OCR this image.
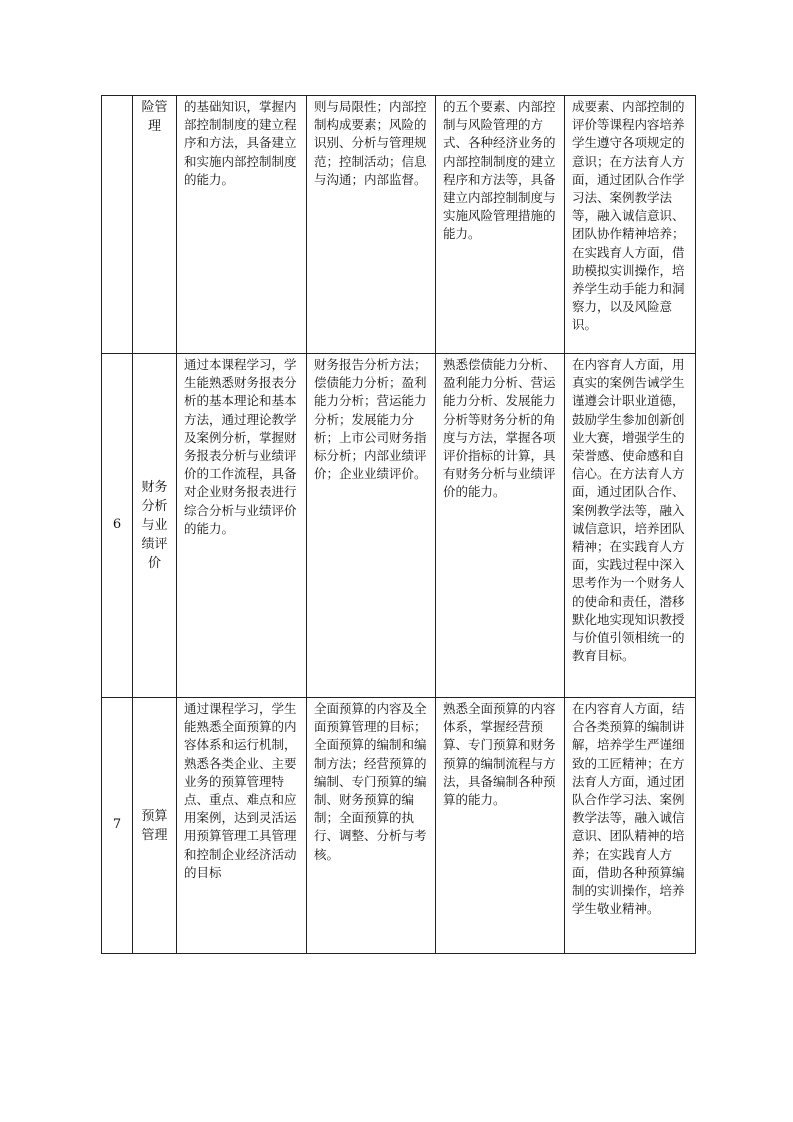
	险管理	的基础知识，掌握内部控制制度的建立程序和方法，具备建立和实施内部控制制度的能力。	则与局限性；内部控制构成要素；风险的识别、分析与管理规范；控制活动；信息与沟通；内部监督。	的五个要素、内部控制与风险管理的方式、各种经济业务的内部控制制度的建立程序和方法等，具备建立内部控制制度与实施风险管理措施的能力。	成要素、内部控制的评价等课程内容培养学生遵守各项规定的意识；在方法育人方面，通过团队合作学习法、案例教学法等，融入诚信意识、团队协作精神培养；在实践育人方面，借助模拟实训操作，培养学生动手能力和洞察力，以及风险意识。
6	财务分析与业绩评价	通过本课程学习，学生能熟悉财务报表分析的基本理论和基本方法，通过理论教学及案例分析，掌握财务报表分析与业绩评价的工作流程，具备对企业财务报表进行综合分析与业绩评价的能力。	财务报告分析方法；偿债能力分析；盈利能力分析；营运能力分析；发展能力分析；上市公司财务指标分析；内部业绩评价；企业业绩评价。	熟悉偿债能力分析、盈利能力分析、营运能力分析、发展能力分析等财务分析的角度与方法，掌握各项评价指标的计算，具有财务分析与业绩评价的能力。	在内容育人方面，用真实的案例告诫学生谨遵会计职业道德，鼓励学生参加创新创业大赛，增强学生的荣誉感、使命感和自信心。在方法育人方面，通过团队合作、案例教学法等，融入诚信意识，培养团队精神；在实践育人方面，实践过程中深入思考作为一个财务人的使命和责任，潜移默化地实现知识教授与价值引领相统一的教育目标。
7	预算管理	通过课程学习，学生能熟悉全面预算的内容体系和运行机制，熟悉各类企业、主要业务的预算管理特点、重点、难点和应用案例，达到灵活运用预算管理工具管理和控制企业经济活动的目标	全面预算的内容及全面预算管理的目标；全面预算的编制和编制方法；经营预算的编制、专门预算的编制、财务预算的编制；全面预算的执行、调整、分析与考核。	熟悉全面预算的内容体系，掌握经营预算、专门预算和财务预算的编制流程与方法，具备编制各种预算的能力。	在内容育人方面，结合各类预算的编制讲解，培养学生严谨细致的工匠精神；在方法育人方面，通过团队合作学习法、案例教学法等，融入诚信意识、团队精神的培养；在实践育人方面，借助各种预算编制的实训操作，培养学生敬业精神。
